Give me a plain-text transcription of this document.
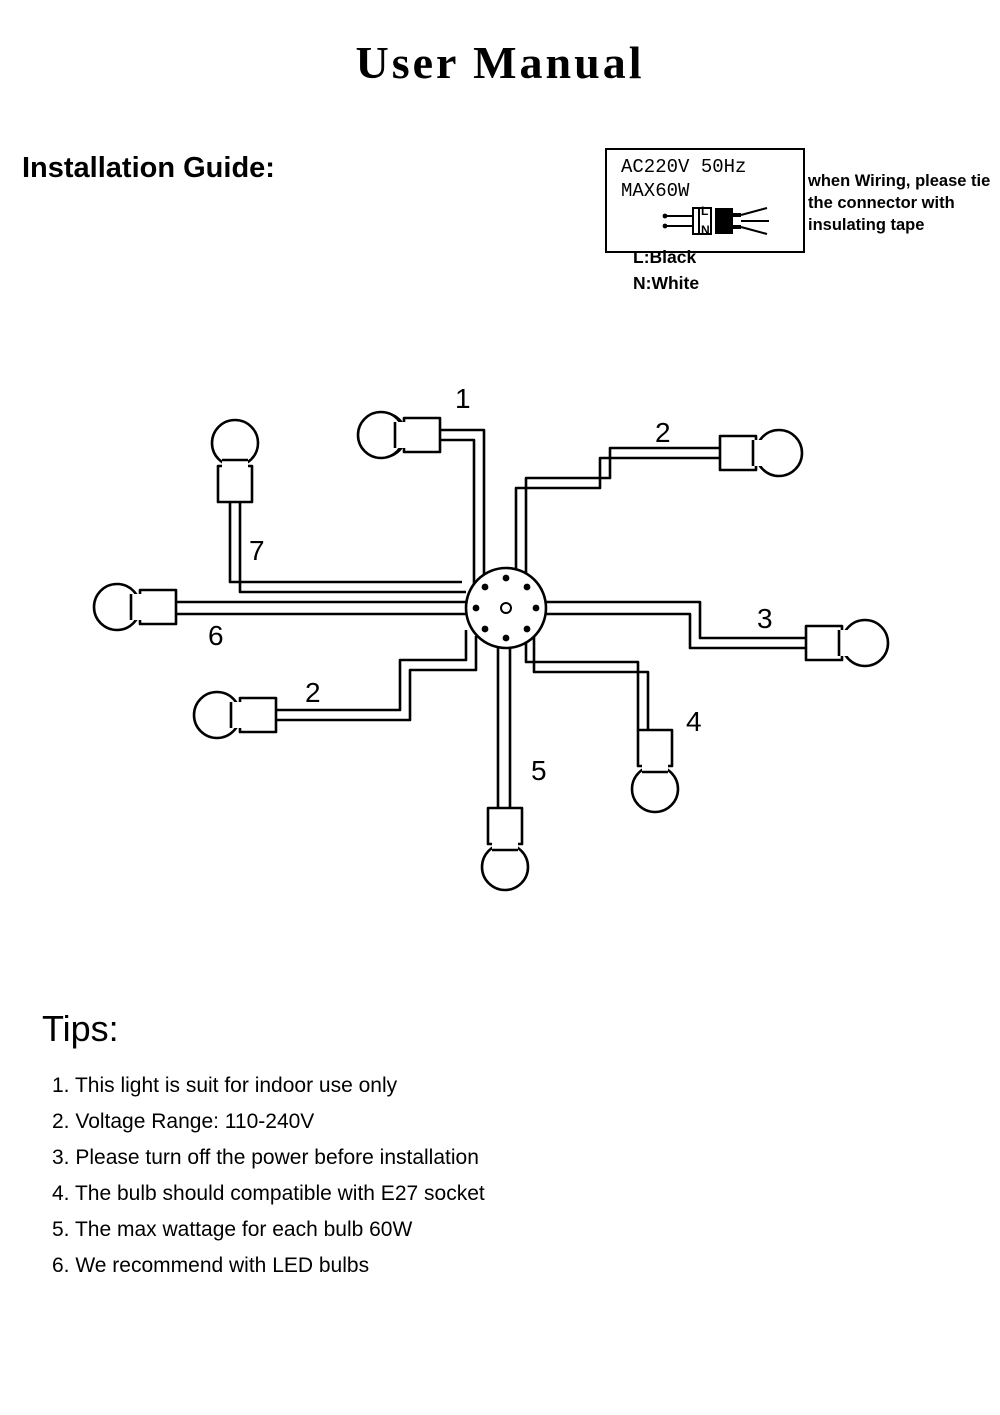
User Manual
Installation Guide:	AC220V 50Hz
MAX60W
L
N
when Wiring, please tie the connector with insulating tape
L:Black
N:White
1
2
7
6
2
3
4
5
Tips:
1. This light is suit for indoor use only
2. Voltage Range: 110-240V
3. Please turn off the power before installation
4. The bulb should compatible with E27 socket
5. The max wattage for each bulb 60W
6. We recommend with LED bulbs
